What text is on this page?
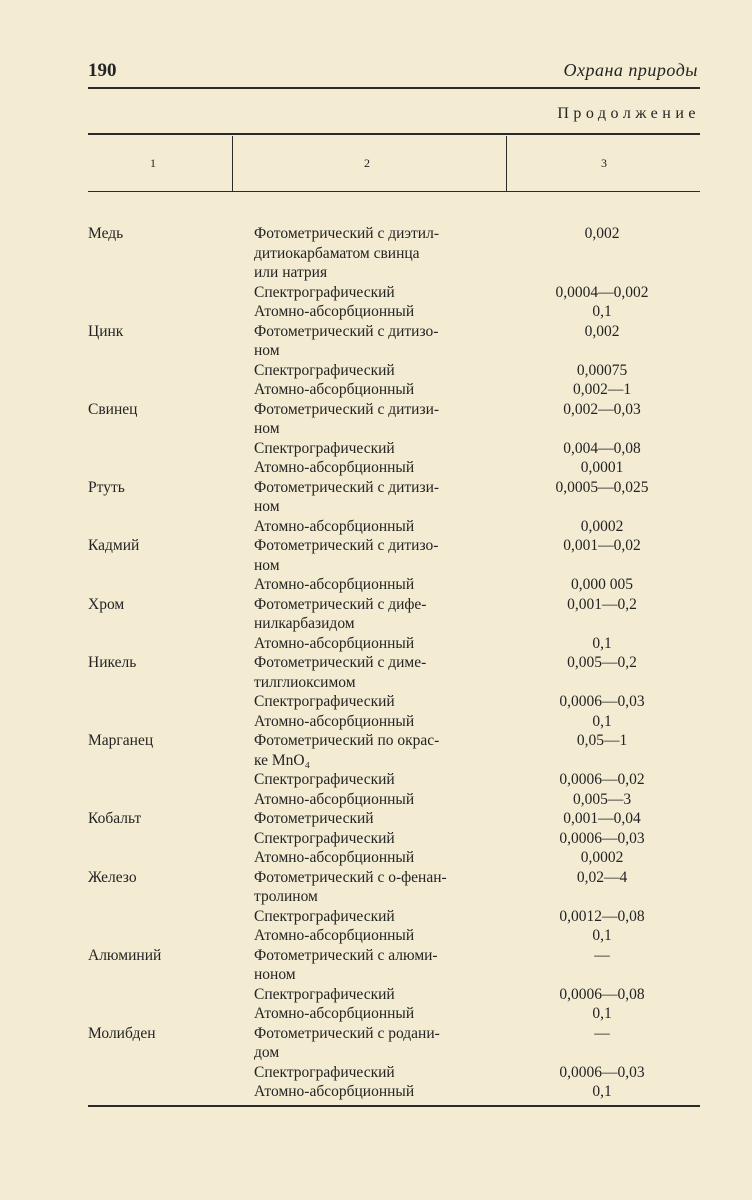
190	Охрана природы
Продолжение
1	2	3
Медь	Фотометрический с диэтил-	0,002
дитиокарбаматом свинца
или натрия
Спектрографический	0,0004—0,002
Атомно-абсорбционный	0,1
Цинк	Фотометрический с дитизо-	0,002
ном
Спектрографический	0,00075
Атомно-абсорбционный	0,002—1
Свинец	Фотометрический с дитизи-	0,002—0,03
ном
Спектрографический	0,004—0,08
Атомно-абсорбционный	0,0001
Ртуть	Фотометрический с дитизи-	0,0005—0,025
ном
Атомно-абсорбционный	0,0002
Кадмий	Фотометрический с дитизо-	0,001—0,02
ном
Атомно-абсорбционный	0,000 005
Хром	Фотометрический с дифе-	0,001—0,2
нилкарбазидом
Атомно-абсорбционный	0,1
Никель	Фотометрический с диме-	0,005—0,2
тилглиоксимом
Спектрографический	0,0006—0,03
Атомно-абсорбционный	0,1
Марганец	Фотометрический по окрас-	0,05—1
ке MnO₄
Спектрографический	0,0006—0,02
Атомно-абсорбционный	0,005—3
Кобальт	Фотометрический	0,001—0,04
Спектрографический	0,0006—0,03
Атомно-абсорбционный	0,0002
Железо	Фотометрический с о-фенан-	0,02—4
тролином
Спектрографический	0,0012—0,08
Атомно-абсорбционный	0,1
Алюминий	Фотометрический с алюми-	—
ноном
Спектрографический	0,0006—0,08
Атомно-абсорбционный	0,1
Молибден	Фотометрический с родани-	—
дом
Спектрографический	0,0006—0,03
Атомно-абсорбционный	0,1
